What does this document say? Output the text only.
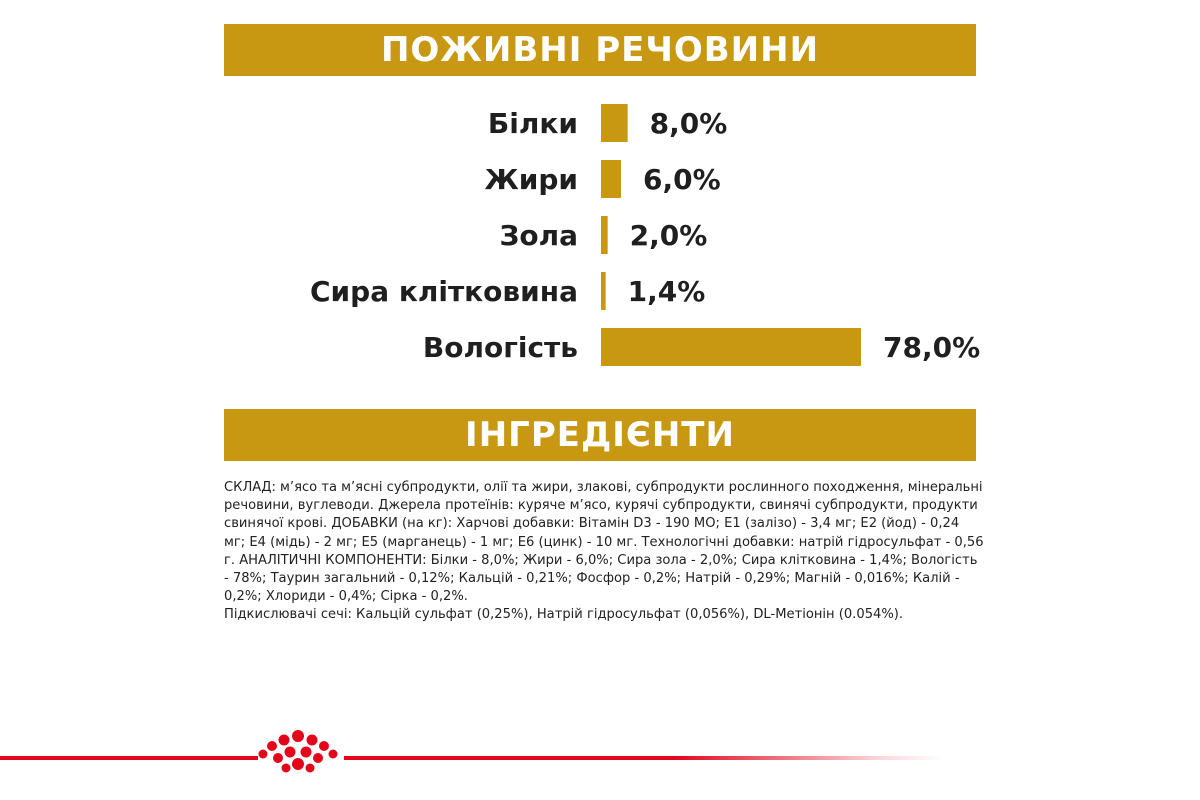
ПОЖИВНІ РЕЧОВИНИ
Білки	8,0%
Жири 6,0%
Зола 2,0%
Сира клітковина 1,4%
Вологість	78,0%
ІНГРЕДІЄНТИ

СКЛАД: м’ясо та м’ясні субпродукти, олії та жири, злакові, субпродукти рослинного походження, мінеральні речовини, вуглеводи. Джерела протеїнів: куряче м’ясо, курячі субпродукти, свинячі субпродукти, продукти свинячої крові. ДОБАВКИ (на кг): Харчові добавки: Вітамін D3 - 190 МО; E1 (залізо) - 3,4 мг; E2 (йод) - 0,24 мг; E4 (мідь) - 2 мг; E5 (марганець) - 1 мг; E6 (цинк) - 10 мг. Технологічні добавки: натрій гідросульфат - 0,56 г. АНАЛІТИЧНІ КОМПОНЕНТИ: Білки - 8,0%; Жири - 6,0%; Сира зола - 2,0%; Сира клітковина - 1,4%; Вологість - 78%; Таурин загальний - 0,12%; Кальцій - 0,21%; Фосфор - 0,2%; Натрій - 0,29%; Магній - 0,016%; Калій - 0,2%; Хлориди - 0,4%; Сірка - 0,2%.

Підкислювачі сечі: Кальцій сульфат (0,25%), Натрій гідросульфат (0,056%), DL-Метіонін (0.054%).
